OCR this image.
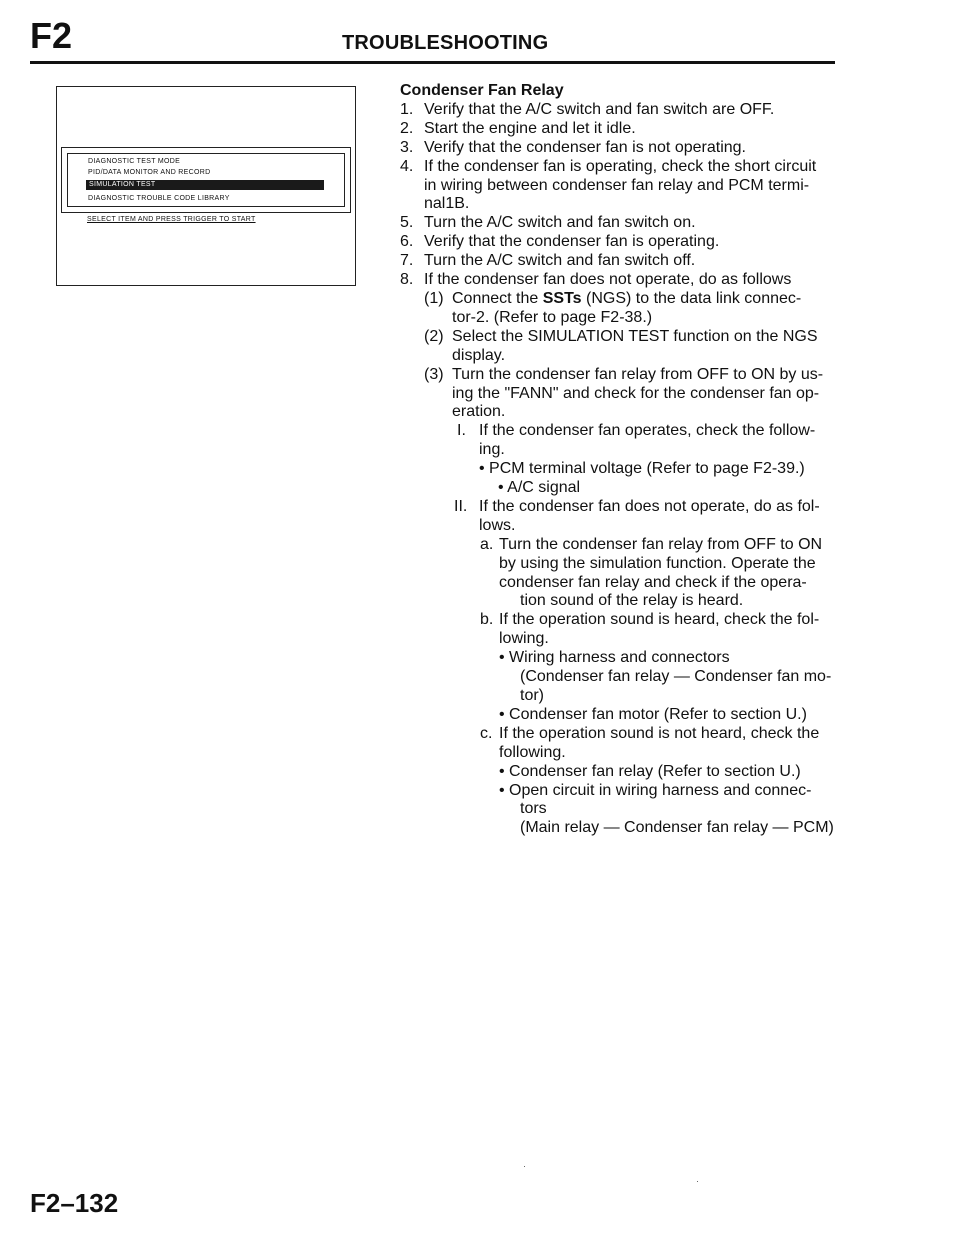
F2	TROUBLESHOOTING
DIAGNOSTIC TEST MODE
PID/DATA MONITOR AND RECORD
SIMULATION TEST
DIAGNOSTIC TROUBLE CODE LIBRARY
SELECT ITEM AND PRESS TRIGGER TO START
Condenser Fan Relay
1. Verify that the A/C switch and fan switch are OFF.
2. Start the engine and let it idle.
3. Verify that the condenser fan is not operating.
4. If the condenser fan is operating, check the short circuit
in wiring between condenser fan relay and PCM termi-
nal1B.
5. Turn the A/C switch and fan switch on.
6. Verify that the condenser fan is operating.
7. Turn the A/C switch and fan switch off.
8. If the condenser fan does not operate, do as follows
(1) Connect the SSTs (NGS) to the data link connec-
tor-2. (Refer to page F2-38.)
(2) Select the SIMULATION TEST function on the NGS
display.
(3) Turn the condenser fan relay from OFF to ON by us-
ing the "FANN" and check for the condenser fan op-
eration.
I. If the condenser fan operates, check the follow-
ing.
• PCM terminal voltage (Refer to page F2-39.)
• A/C signal
II. If the condenser fan does not operate, do as fol-
lows.
a. Turn the condenser fan relay from OFF to ON
by using the simulation function. Operate the
condenser fan relay and check if the opera-
tion sound of the relay is heard.
b. If the operation sound is heard, check the fol-
lowing.
• Wiring harness and connectors
(Condenser fan relay — Condenser fan mo-
tor)
• Condenser fan motor (Refer to section U.)
c. If the operation sound is not heard, check the
following.
• Condenser fan relay (Refer to section U.)
• Open circuit in wiring harness and connec-
tors
(Main relay — Condenser fan relay — PCM)
F2–132
